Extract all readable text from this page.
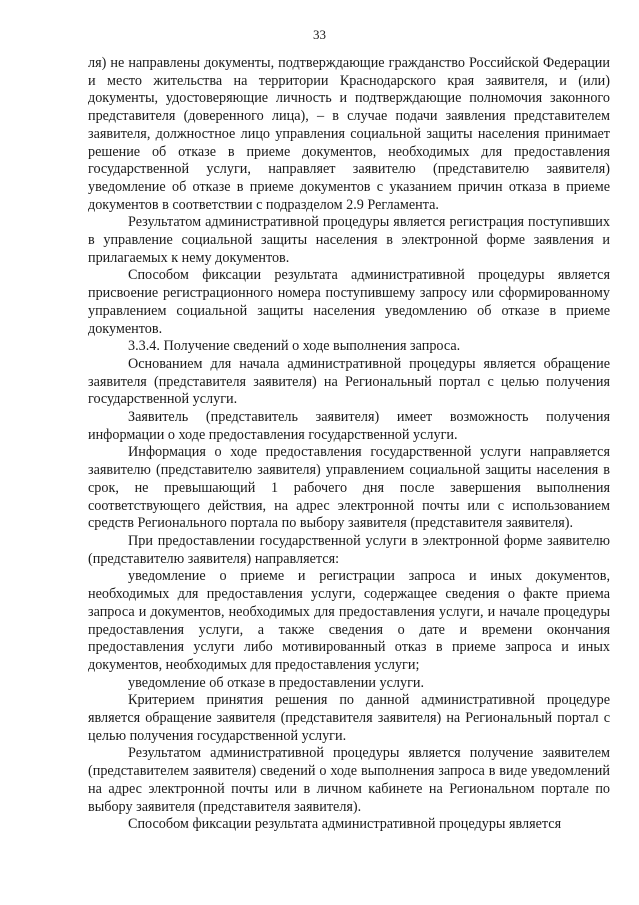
33

ля) не направлены документы, подтверждающие гражданство Российской Федерации и место жительства на территории Краснодарского края заявителя, и (или) документы, удостоверяющие личность и подтверждающие полномочия законного представителя (доверенного лица), – в случае подачи заявления представителем заявителя, должностное лицо управления социальной защиты населения принимает решение об отказе в приеме документов, необходимых для предоставления государственной услуги, направляет заявителю (представителю заявителя) уведомление об отказе в приеме документов с указанием причин отказа в приеме документов в соответствии с подразделом 2.9 Регламента.

Результатом административной процедуры является регистрация поступивших в управление социальной защиты населения в электронной форме заявления и прилагаемых к нему документов.

Способом фиксации результата административной процедуры является присвоение регистрационного номера поступившему запросу или сформированному управлением социальной защиты населения уведомлению об отказе в приеме документов.

3.3.4. Получение сведений о ходе выполнения запроса.

Основанием для начала административной процедуры является обращение заявителя (представителя заявителя) на Региональный портал с целью получения государственной услуги.

Заявитель (представитель заявителя) имеет возможность получения информации о ходе предоставления государственной услуги.

Информация о ходе предоставления государственной услуги направляется заявителю (представителю заявителя) управлением социальной защиты населения в срок, не превышающий 1 рабочего дня после завершения выполнения соответствующего действия, на адрес электронной почты или с использованием средств Регионального портала по выбору заявителя (представителя заявителя).

При предоставлении государственной услуги в электронной форме заявителю (представителю заявителя) направляется:

уведомление о приеме и регистрации запроса и иных документов, необходимых для предоставления услуги, содержащее сведения о факте приема запроса и документов, необходимых для предоставления услуги, и начале процедуры предоставления услуги, а также сведения о дате и времени окончания предоставления услуги либо мотивированный отказ в приеме запроса и иных документов, необходимых для предоставления услуги;

уведомление об отказе в предоставлении услуги.

Критерием принятия решения по данной административной процедуре является обращение заявителя (представителя заявителя) на Региональный портал с целью получения государственной услуги.

Результатом административной процедуры является получение заявителем (представителем заявителя) сведений о ходе выполнения запроса в виде уведомлений на адрес электронной почты или в личном кабинете на Региональном портале по выбору заявителя (представителя заявителя).

Способом фиксации результата административной процедуры является
